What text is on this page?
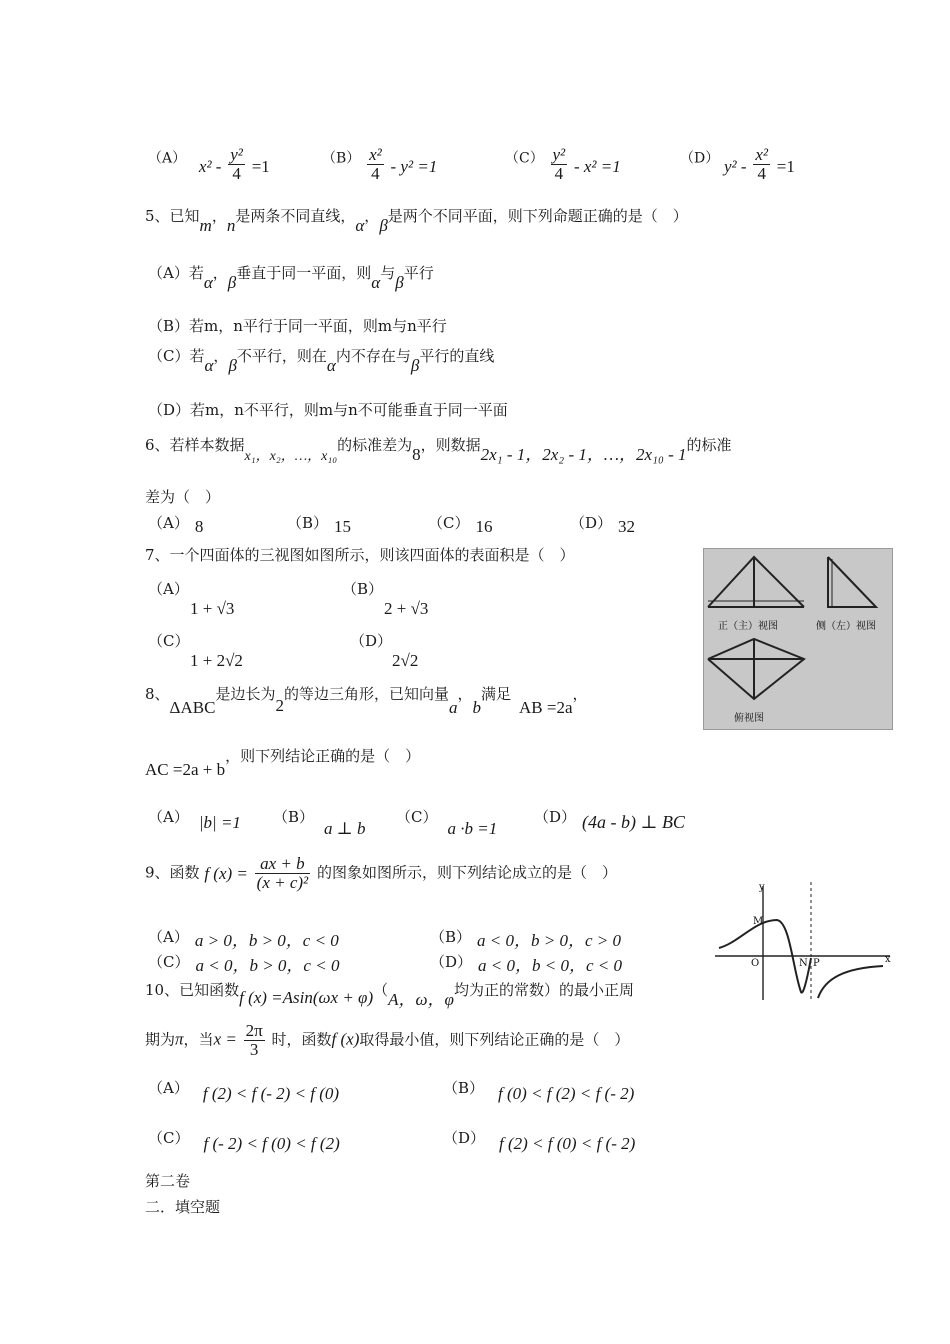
（A） $x^2 - \frac{\text{y²}}{4} =1$	$(B) \frac{\text{x²}}{4} - y^2 =1$	$(C) \frac{\text{y²}}{4} - x^2 =1$	（D） $y^2 - \frac{\text{x²}}{4} =1$
5、已知m，n是两条不同直线，α，β是两个不同平面，则下列命题正确的是（　）
（A）若α，β垂直于同一平面，则α与β平行
（B）若m，n平行于同一平面，则m与n平行
（C）若α，β不平行，则在α内不存在与β平行的直线
（D）若m，n不平行，则m与n不可能垂直于同一平面
6、若样本数据x₁，x₂，…，x₁₀的标准差为8，则数据2x₁ - 1，2x₂ - 1，…，2x₁₀ - 1的标准
差为（　）
（A） 8	（B） 15	（C） 16	（D） 32
7、一个四面体的三视图如图所示，则该四面体的表面积是（　）
（A）
1 + √3
（B）
2 + √3
（C）
1 + 2√2
（D）
2√2
正（主）视图	侧（左）视图
俯视图
8、ΔABC是边长为2的等边三角形，已知向量a，b满足AB =2a，
AC =2a + b，则下列结论正确的是（　）
（A） |b| =1 （B）a ⊥ b
（C）a ·b =1
（D） (4a - b) ⊥ BC
9、函数 f $(x) = \frac{ax + b}{\text{(x + c)²}}$ 的图象如图所示，则下列结论成立的是（　）
（A） a > 0，b > 0，c < 0	（B） a < 0，b > 0，c > 0
（C） a < 0，b > 0，c < 0	（D） a < 0，b < 0，c < 0
y
x
O
M
N P
10、已知函数f (x) =Asin(ωx + φ)（A，ω，φ均为正的常数）的最小正周
期为π，当$x = \frac{2\pi}{3}$ 时，函数f (x)取得最小值，则下列结论正确的是（　）
（A） f (2) < f (- 2) < f (0)	（B） f (0) < f (2) < f (- 2)
（C） f (- 2) < f (0) < f (2)	（D） f (2) < f (0) < f (- 2)
第二卷
二．填空题
